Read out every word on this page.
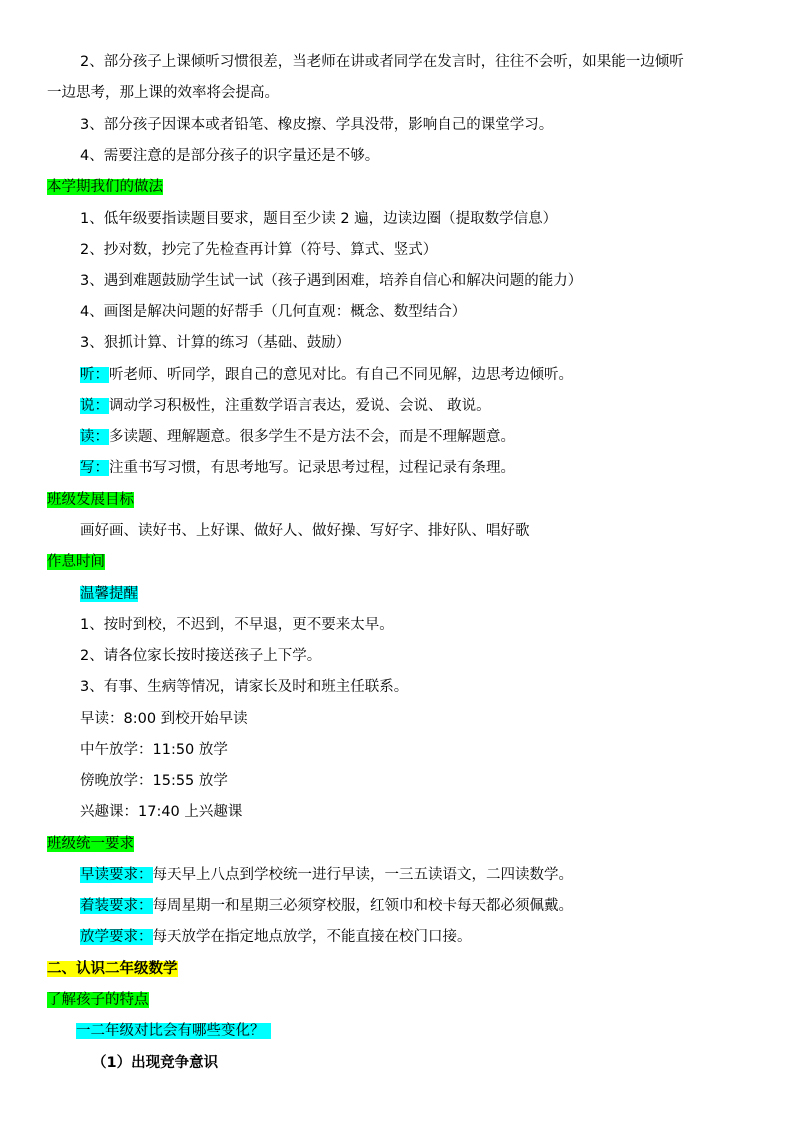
2、部分孩子上课倾听习惯很差，当老师在讲或者同学在发言时，往往不会听，如果能一边倾听
一边思考，那上课的效率将会提高。
3、部分孩子因课本或者铅笔、橡皮擦、学具没带，影响自己的课堂学习。
4、需要注意的是部分孩子的识字量还是不够。
本学期我们的做法
1、低年级要指读题目要求，题目至少读 2 遍，边读边圈（提取数学信息）
2、抄对数，抄完了先检查再计算（符号、算式、竖式）
3、遇到难题鼓励学生试一试（孩子遇到困难，培养自信心和解决问题的能力）
4、画图是解决问题的好帮手（几何直观：概念、数型结合）
3、狠抓计算、计算的练习（基础、鼓励）
听：听老师、听同学，跟自己的意见对比。有自己不同见解，边思考边倾听。
说：调动学习积极性，注重数学语言表达，爱说、会说、 敢说。
读：多读题、理解题意。很多学生不是方法不会，而是不理解题意。
写：注重书写习惯，有思考地写。记录思考过程，过程记录有条理。
班级发展目标
画好画、读好书、上好课、做好人、做好操、写好字、排好队、唱好歌
作息时间
温馨提醒
1、按时到校，不迟到，不早退，更不要来太早。
2、请各位家长按时接送孩子上下学。
3、有事、生病等情况，请家长及时和班主任联系。
早读：8:00 到校开始早读
中午放学：11:50 放学
傍晚放学：15:55 放学
兴趣课：17:40 上兴趣课
班级统一要求
早读要求：每天早上八点到学校统一进行早读，一三五读语文，二四读数学。
着装要求：每周星期一和星期三必须穿校服，红领巾和校卡每天都必须佩戴。
放学要求：每天放学在指定地点放学，不能直接在校门口接。
二、认识二年级数学
了解孩子的特点
一二年级对比会有哪些变化？
（1）出现竞争意识
